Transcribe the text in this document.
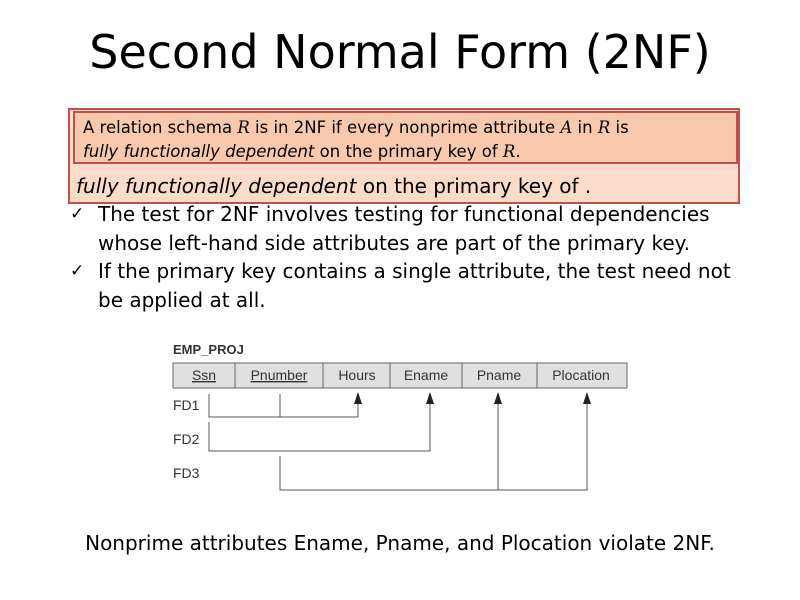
Second Normal Form (2NF)
A relation schema R is in 2NF if every nonprime attribute A in R is
fully functionally dependent on the primary key of R.
fully functionally dependent on the primary key of .

✓ The test for 2NF involves testing for functional dependencies whose left-hand side attributes are part of the primary key.

✓ If the primary key contains a single attribute, the test need not be applied at all.

EMP_PROJ
Ssn Pnumber Hours Ename Pname Plocation
FD1
FD2
FD3
Nonprime attributes Ename, Pname, and Plocation violate 2NF.
